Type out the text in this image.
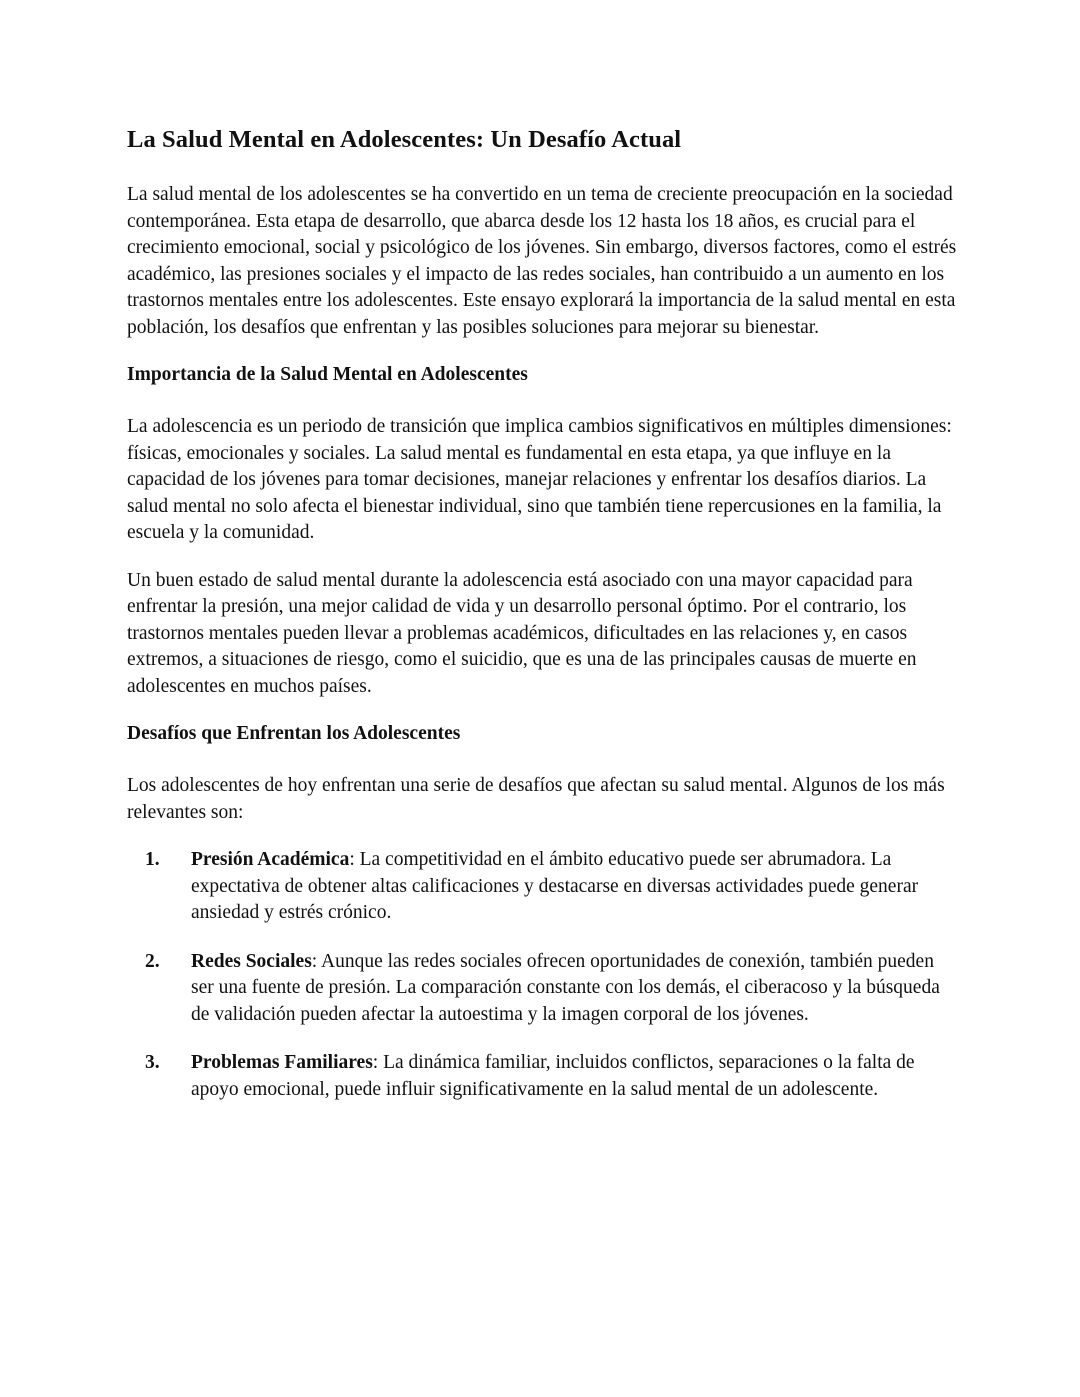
La Salud Mental en Adolescentes: Un Desafío Actual

La salud mental de los adolescentes se ha convertido en un tema de creciente preocupación en la sociedad contemporánea. Esta etapa de desarrollo, que abarca desde los 12 hasta los 18 años, es crucial para el crecimiento emocional, social y psicológico de los jóvenes. Sin embargo, diversos factores, como el estrés académico, las presiones sociales y el impacto de las redes sociales, han contribuido a un aumento en los trastornos mentales entre los adolescentes. Este ensayo explorará la importancia de la salud mental en esta población, los desafíos que enfrentan y las posibles soluciones para mejorar su bienestar.

Importancia de la Salud Mental en Adolescentes

La adolescencia es un periodo de transición que implica cambios significativos en múltiples dimensiones: físicas, emocionales y sociales. La salud mental es fundamental en esta etapa, ya que influye en la capacidad de los jóvenes para tomar decisiones, manejar relaciones y enfrentar los desafíos diarios. La salud mental no solo afecta el bienestar individual, sino que también tiene repercusiones en la familia, la escuela y la comunidad.

Un buen estado de salud mental durante la adolescencia está asociado con una mayor capacidad para enfrentar la presión, una mejor calidad de vida y un desarrollo personal óptimo. Por el contrario, los trastornos mentales pueden llevar a problemas académicos, dificultades en las relaciones y, en casos extremos, a situaciones de riesgo, como el suicidio, que es una de las principales causas de muerte en adolescentes en muchos países.

Desafíos que Enfrentan los Adolescentes

Los adolescentes de hoy enfrentan una serie de desafíos que afectan su salud mental. Algunos de los más relevantes son:

1. Presión Académica: La competitividad en el ámbito educativo puede ser abrumadora. La expectativa de obtener altas calificaciones y destacarse en diversas actividades puede generar ansiedad y estrés crónico.
2. Redes Sociales: Aunque las redes sociales ofrecen oportunidades de conexión, también pueden ser una fuente de presión. La comparación constante con los demás, el ciberacoso y la búsqueda de validación pueden afectar la autoestima y la imagen corporal de los jóvenes.
3. Problemas Familiares: La dinámica familiar, incluidos conflictos, separaciones o la falta de apoyo emocional, puede influir significativamente en la salud mental de un adolescente.
